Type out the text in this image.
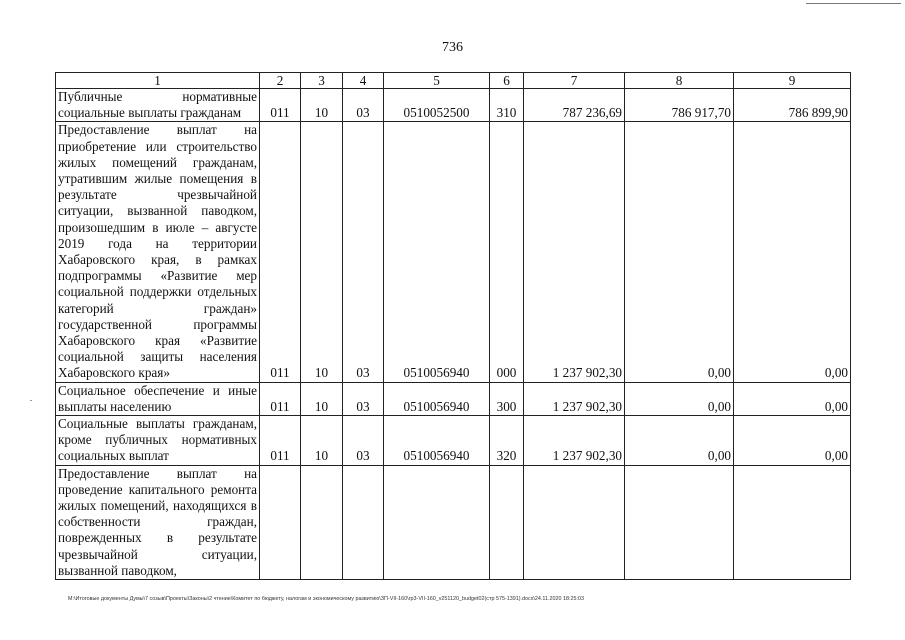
736
1	2	3	4	5	6	7	8	9
Публичные нормативные социальные выплаты гражданам	011	10	03	0510052500	310	787 236,69	786 917,70	786 899,90
Предоставление выплат на приобретение или строительство жилых помещений гражданам, утратившим жилые помещения в результате чрезвычайной ситуации, вызванной паводком, произошедшим в июле – августе 2019 года на территории Хабаровского края, в рамках подпрограммы «Развитие мер социальной поддержки отдельных категорий граждан» государственной программы Хабаровского края «Развитие социальной защиты населения Хабаровского края»	011	10	03	0510056940	000	1 237 902,30	0,00	0,00
Социальное обеспечение и иные выплаты населению	011	10	03	0510056940	300	1 237 902,30	0,00	0,00
Социальные выплаты гражданам, кроме публичных нормативных социальных выплат	011	10	03	0510056940	320	1 237 902,30	0,00	0,00
Предоставление выплат на проведение капитального ремонта жилых помещений, находящихся в собственности граждан, поврежденных в результате чрезвычайной ситуации, вызванной паводком,								
M:\Итоговые документы Думы\7 созыв\Проекты\Законы\2 чтение\Комитет по бюджету, налогам и экономическому развитию\ЗП-VII-160\гр3-VII-160_v251120_budget02(стр 575-1391).docx\24.11.2020 18:25:03
